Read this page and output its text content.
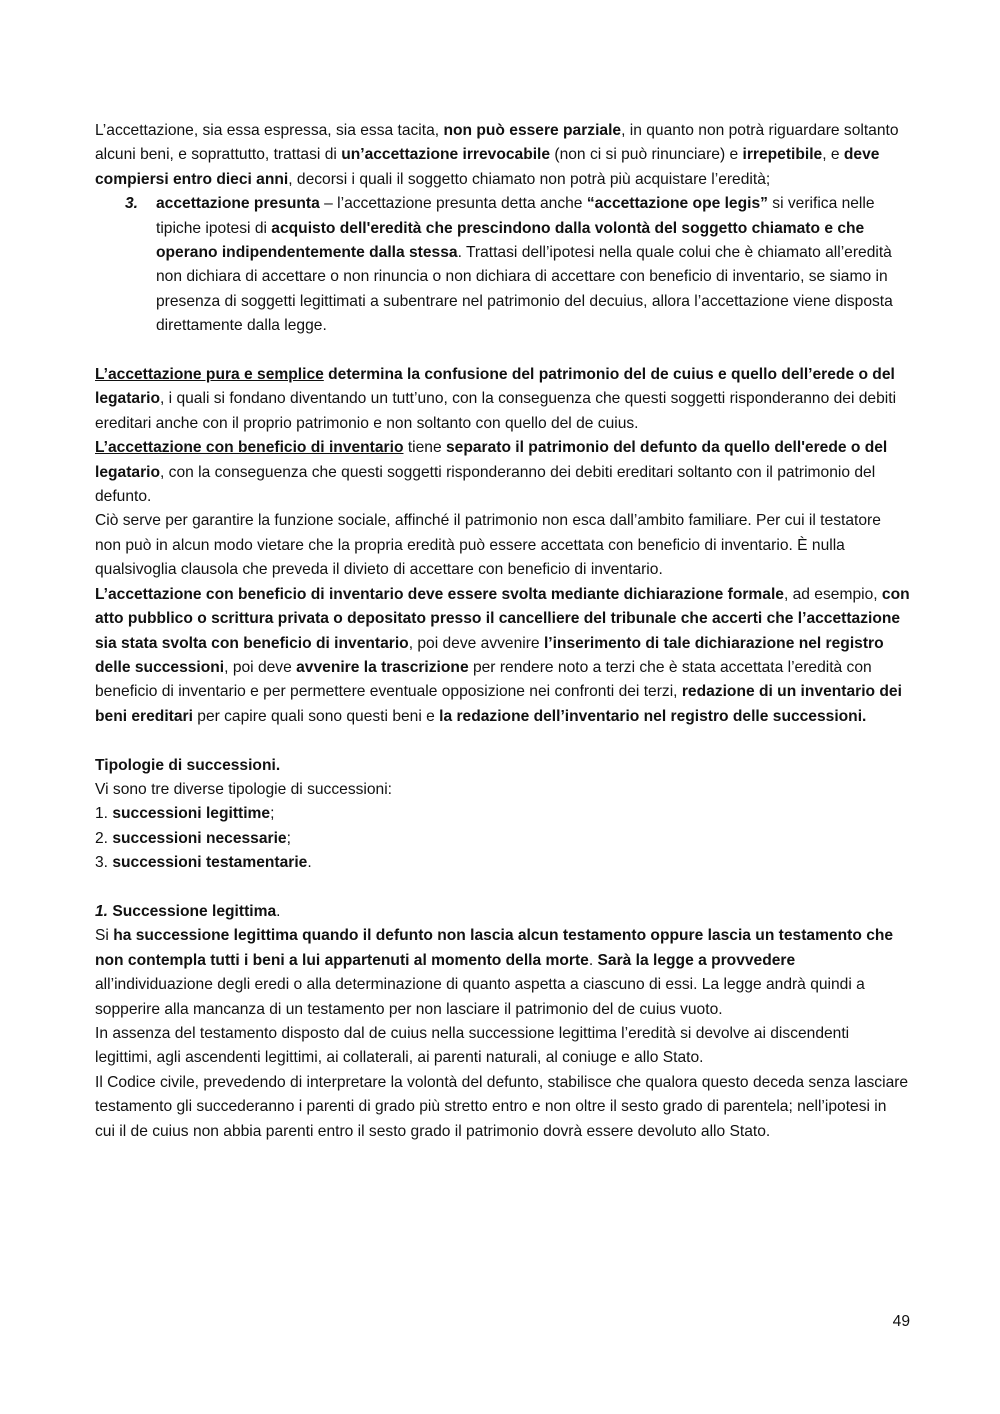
L’accettazione, sia essa espressa, sia essa tacita, non può essere parziale, in quanto non potrà riguardare soltanto alcuni beni, e soprattutto, trattasi di un’accettazione irrevocabile (non ci si può rinunciare) e irrepetibile, e deve compiersi entro dieci anni, decorsi i quali il soggetto chiamato non potrà più acquistare l’eredità;

3.	accettazione presunta – l’accettazione presunta detta anche “accettazione ope legis” si verifica nelle tipiche ipotesi di acquisto dell'eredità che prescindono dalla volontà del soggetto chiamato e che operano indipendentemente dalla stessa. Trattasi dell’ipotesi nella quale colui che è chiamato all’eredità non dichiara di accettare o non rinuncia o non dichiara di accettare con beneficio di inventario, se siamo in presenza di soggetti legittimati a subentrare nel patrimonio del decuius, allora l’accettazione viene disposta direttamente dalla legge.

L’accettazione pura e semplice determina la confusione del patrimonio del de cuius e quello dell’erede o del legatario, i quali si fondano diventando un tutt’uno, con la conseguenza che questi soggetti risponderanno dei debiti ereditari anche con il proprio patrimonio e non soltanto con quello del de cuius.

L’accettazione con beneficio di inventario tiene separato il patrimonio del defunto da quello dell'erede o del legatario, con la conseguenza che questi soggetti risponderanno dei debiti ereditari soltanto con il patrimonio del defunto.

Ciò serve per garantire la funzione sociale, affinché il patrimonio non esca dall’ambito familiare. Per cui il testatore non può in alcun modo vietare che la propria eredità può essere accettata con beneficio di inventario. È nulla qualsivoglia clausola che preveda il divieto di accettare con beneficio di inventario.

L’accettazione con beneficio di inventario deve essere svolta mediante dichiarazione formale, ad esempio, con atto pubblico o scrittura privata o depositato presso il cancelliere del tribunale che accerti che l’accettazione sia stata svolta con beneficio di inventario, poi deve avvenire l’inserimento di tale dichiarazione nel registro delle successioni, poi deve avvenire la trascrizione per rendere noto a terzi che è stata accettata l’eredità con beneficio di inventario e per permettere eventuale opposizione nei confronti dei terzi, redazione di un inventario dei beni ereditari per capire quali sono questi beni e la redazione dell’inventario nel registro delle successioni.

Tipologie di successioni.

Vi sono tre diverse tipologie di successioni:

1. successioni legittime;

2. successioni necessarie;

3. successioni testamentarie.

1. Successione legittima.

Si ha successione legittima quando il defunto non lascia alcun testamento oppure lascia un testamento che non contempla tutti i beni a lui appartenuti al momento della morte. Sarà la legge a provvedere all’individuazione degli eredi o alla determinazione di quanto aspetta a ciascuno di essi. La legge andrà quindi a sopperire alla mancanza di un testamento per non lasciare il patrimonio del de cuius vuoto.

In assenza del testamento disposto dal de cuius nella successione legittima l’eredità si devolve ai discendenti legittimi, agli ascendenti legittimi, ai collaterali, ai parenti naturali, al coniuge e allo Stato.

Il Codice civile, prevedendo di interpretare la volontà del defunto, stabilisce che qualora questo deceda senza lasciare testamento gli succederanno i parenti di grado più stretto entro e non oltre il sesto grado di parentela; nell’ipotesi in cui il de cuius non abbia parenti entro il sesto grado il patrimonio dovrà essere devoluto allo Stato.

49
